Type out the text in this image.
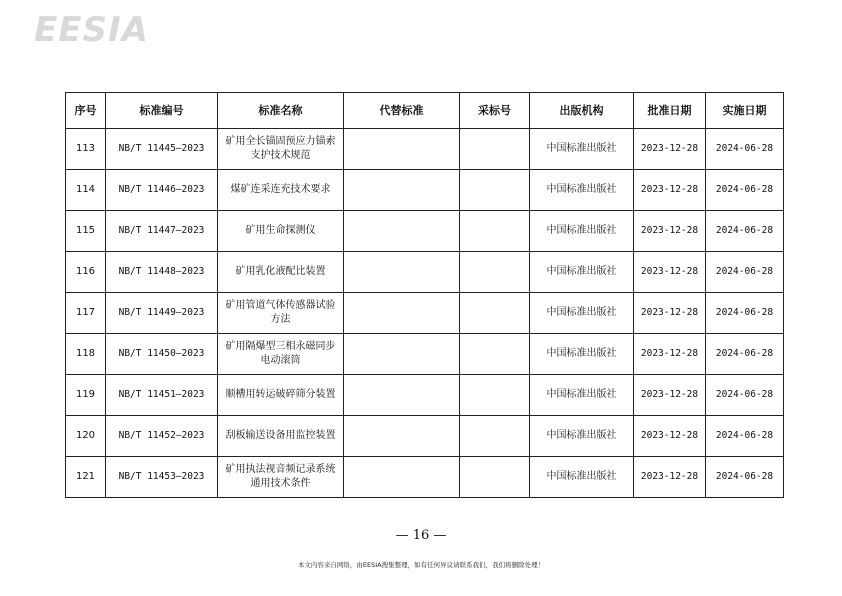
EESIA
序号	标准编号	标准名称	代替标准	采标号	出版机构	批准日期	实施日期
113	NB/T 11445—2023	矿用全长锚固预应力锚索支护技术规范			中国标准出版社	2023-12-28	2024-06-28
114	NB/T 11446—2023	煤矿连采连充技术要求			中国标准出版社	2023-12-28	2024-06-28
115	NB/T 11447—2023	矿用生命探测仪			中国标准出版社	2023-12-28	2024-06-28
116	NB/T 11448—2023	矿用乳化液配比装置			中国标准出版社	2023-12-28	2024-06-28
117	NB/T 11449—2023	矿用管道气体传感器试验方法			中国标准出版社	2023-12-28	2024-06-28
118	NB/T 11450—2023	矿用隔爆型三相永磁同步电动滚筒			中国标准出版社	2023-12-28	2024-06-28
119	NB/T 11451—2023	顺槽用转运破碎筛分装置			中国标准出版社	2023-12-28	2024-06-28
120	NB/T 11452—2023	刮板输送设备用监控装置			中国标准出版社	2023-12-28	2024-06-28
121	NB/T 11453—2023	矿用执法视音频记录系统通用技术条件			中国标准出版社	2023-12-28	2024-06-28
— 16 —
本文内容来自网络，由EESIA搜集整理，如有任何异议请联系我们，我们将删除处理！
